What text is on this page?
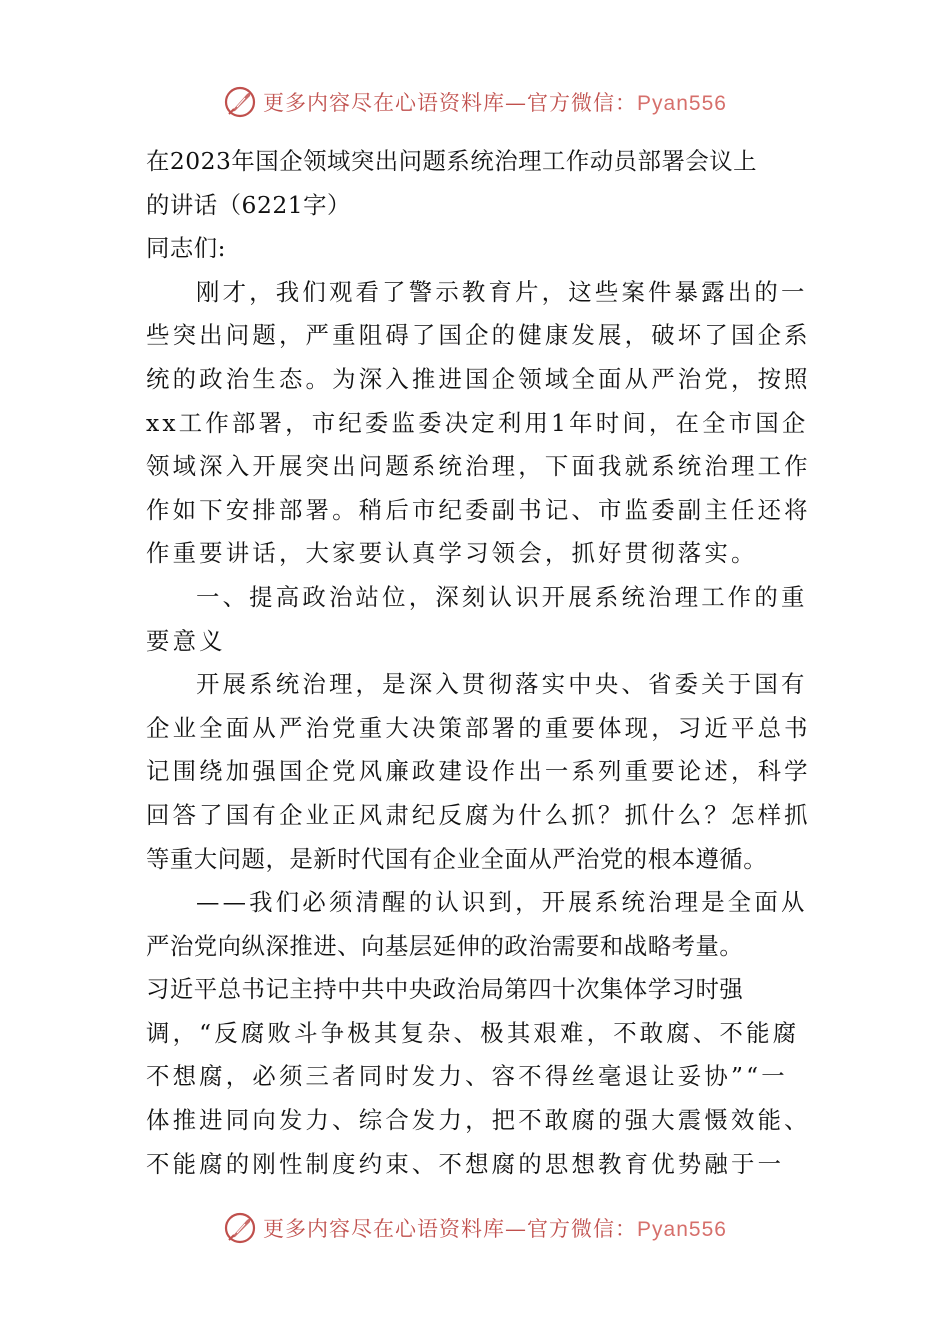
更多内容尽在心语资料库—官方微信：Pyan556
在2023年国企领域突出问题系统治理工作动员部署会议上
的讲话（6221字）
同志们:
刚才，我们观看了警示教育片，这些案件暴露出的一
些突出问题，严重阻碍了国企的健康发展，破坏了国企系
统的政治生态。为深入推进国企领域全面从严治党，按照
xx工作部署，市纪委监委决定利用1年时间，在全市国企
领域深入开展突出问题系统治理，下面我就系统治理工作
作如下安排部署。稍后市纪委副书记、市监委副主任还将
作重要讲话，大家要认真学习领会，抓好贯彻落实。
一、提高政治站位，深刻认识开展系统治理工作的重
要意义
开展系统治理，是深入贯彻落实中央、省委关于国有
企业全面从严治党重大决策部署的重要体现，习近平总书
记围绕加强国企党风廉政建设作出一系列重要论述，科学
回答了国有企业正风肃纪反腐为什么抓？抓什么？怎样抓
等重大问题，是新时代国有企业全面从严治党的根本遵循。
——我们必须清醒的认识到，开展系统治理是全面从
严治党向纵深推进、向基层延伸的政治需要和战略考量。
习近平总书记主持中共中央政治局第四十次集体学习时强
调，“反腐败斗争极其复杂、极其艰难，不敢腐、不能腐
不想腐，必须三者同时发力、容不得丝毫退让妥协”“一
体推进同向发力、综合发力，把不敢腐的强大震慑效能、
不能腐的刚性制度约束、不想腐的思想教育优势融于一
更多内容尽在心语资料库—官方微信：Pyan556
